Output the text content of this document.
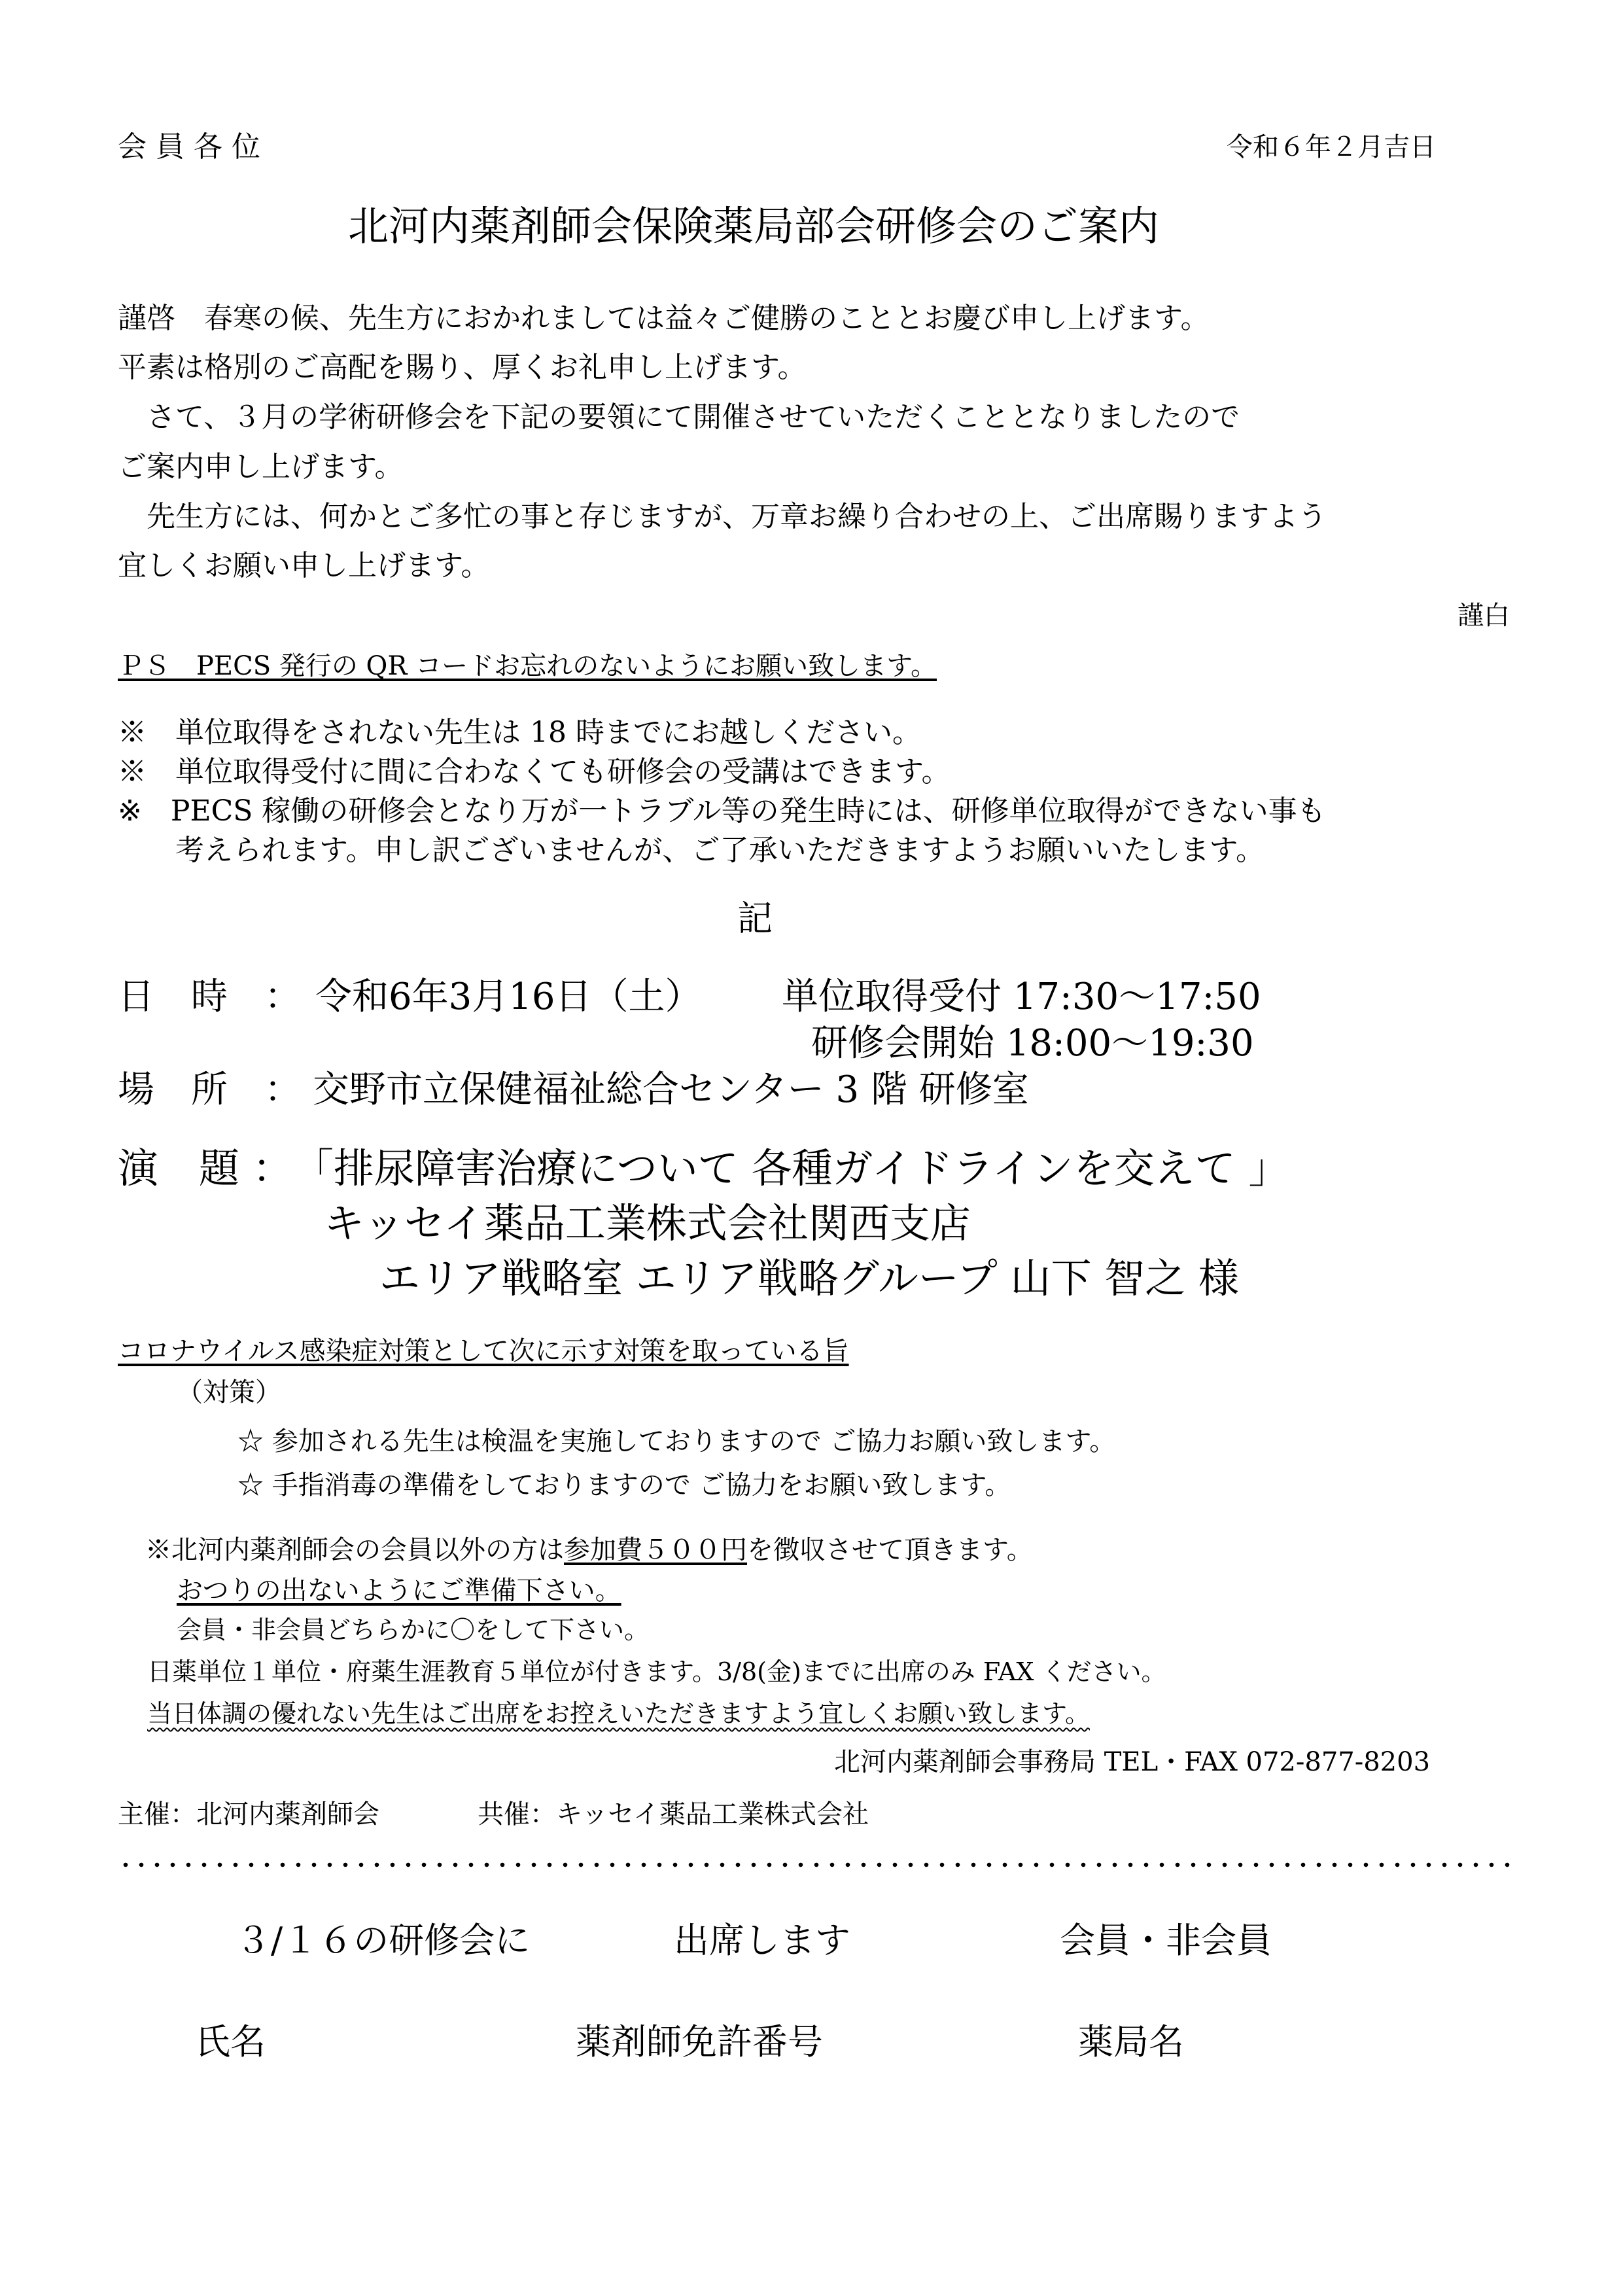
会 員 各 位	令和６年２月吉日
北河内薬剤師会保険薬局部会研修会のご案内
謹啓　春寒の候、先生方におかれましては益々ご健勝のこととお慶び申し上げます。
平素は格別のご高配を賜り、厚くお礼申し上げます。
　さて、３月の学術研修会を下記の要領にて開催させていただくこととなりましたので
ご案内申し上げます。
　先生方には、何かとご多忙の事と存じますが、万章お繰り合わせの上、ご出席賜りますよう
宜しくお願い申し上げます。
謹白
ＰＳ　PECS 発行の QR コードお忘れのないようにお願い致します。
※　単位取得をされない先生は 18 時までにお越しください。
※　単位取得受付に間に合わなくても研修会の受講はできます。
※　PECS 稼働の研修会となり万が一トラブル等の発生時には、研修単位取得ができない事も
　　考えられます。申し訳ございませんが、ご了承いただきますようお願いいたします。
記
日　時　： 令和6年3月16日（土） 単位取得受付 17:30～17:50
研修会開始 18:00～19:30
場　所　： 交野市立保健福祉総合センター 3 階 研修室
演　題 ： 「排尿障害治療について 各種ガイドラインを交えて 」
キッセイ薬品工業株式会社関西支店
エリア戦略室 エリア戦略グループ 山下 智之 様
コロナウイルス感染症対策として次に示す対策を取っている旨
（対策）
☆ 参加される先生は検温を実施しておりますので ご協力お願い致します。
☆ 手指消毒の準備をしておりますので ご協力をお願い致します。
※北河内薬剤師会の会員以外の方は参加費５００円を徴収させて頂きます。
おつりの出ないようにご準備下さい。
会員・非会員どちらかに〇をして下さい。
日薬単位１単位・府薬生涯教育５単位が付きます。3/8(金)までに出席のみ FAX ください。
当日体調の優れない先生はご出席をお控えいただきますよう宜しくお願い致します。
北河内薬剤師会事務局 TEL・FAX 072-877-8203
主催：北河内薬剤師会	共催：キッセイ薬品工業株式会社
３/１６の研修会に	出席します	会員・非会員
氏名	薬剤師免許番号	薬局名
